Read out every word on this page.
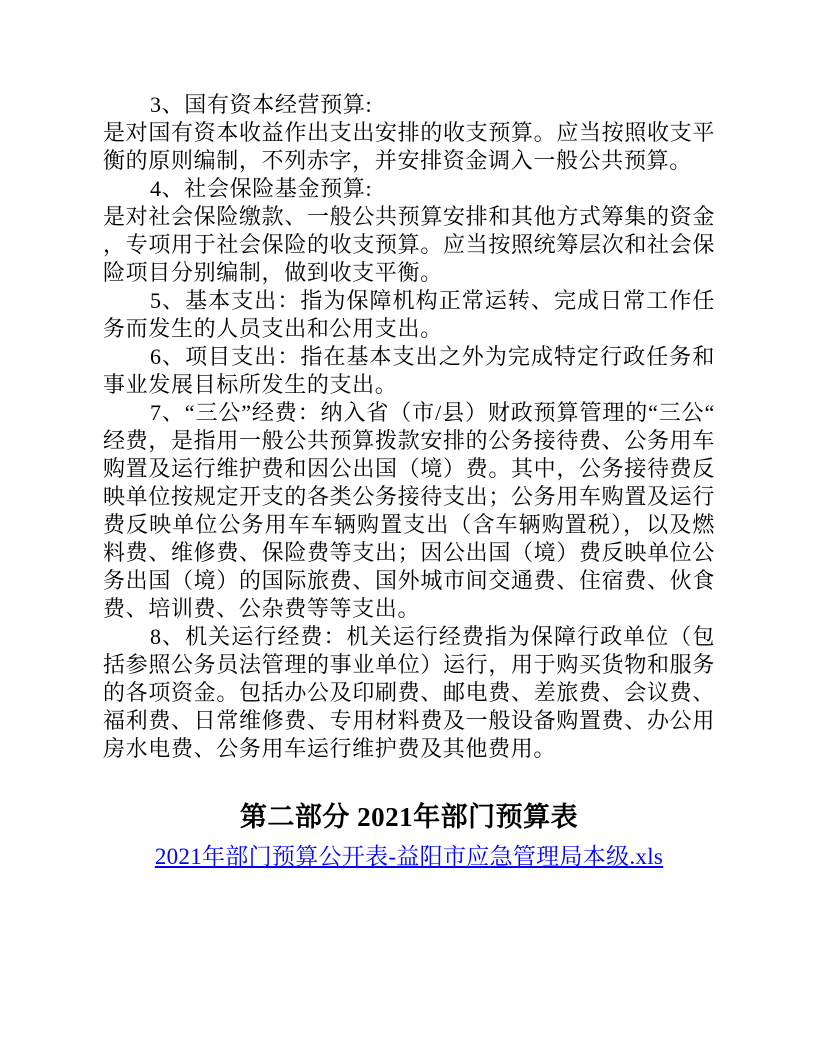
3、国有资本经营预算:

是对国有资本收益作出支出安排的收支预算。应当按照收支平衡的原则编制，不列赤字，并安排资金调入一般公共预算。

4、社会保险基金预算:

是对社会保险缴款、一般公共预算安排和其他方式筹集的资金，专项用于社会保险的收支预算。应当按照统筹层次和社会保险项目分别编制，做到收支平衡。

5、基本支出：指为保障机构正常运转、完成日常工作任务而发生的人员支出和公用支出。

6、项目支出：指在基本支出之外为完成特定行政任务和事业发展目标所发生的支出。

7、“三公”经费：纳入省（市/县）财政预算管理的“三公“经费，是指用一般公共预算拨款安排的公务接待费、公务用车购置及运行维护费和因公出国（境）费。其中，公务接待费反映单位按规定开支的各类公务接待支出；公务用车购置及运行费反映单位公务用车车辆购置支出（含车辆购置税），以及燃料费、维修费、保险费等支出；因公出国（境）费反映单位公务出国（境）的国际旅费、国外城市间交通费、住宿费、伙食费、培训费、公杂费等等支出。

8、机关运行经费：机关运行经费指为保障行政单位（包括参照公务员法管理的事业单位）运行，用于购买货物和服务的各项资金。包括办公及印刷费、邮电费、差旅费、会议费、福利费、日常维修费、专用材料费及一般设备购置费、办公用房水电费、公务用车运行维护费及其他费用。

第二部分 2021年部门预算表
2021年部门预算公开表-益阳市应急管理局本级.xls
